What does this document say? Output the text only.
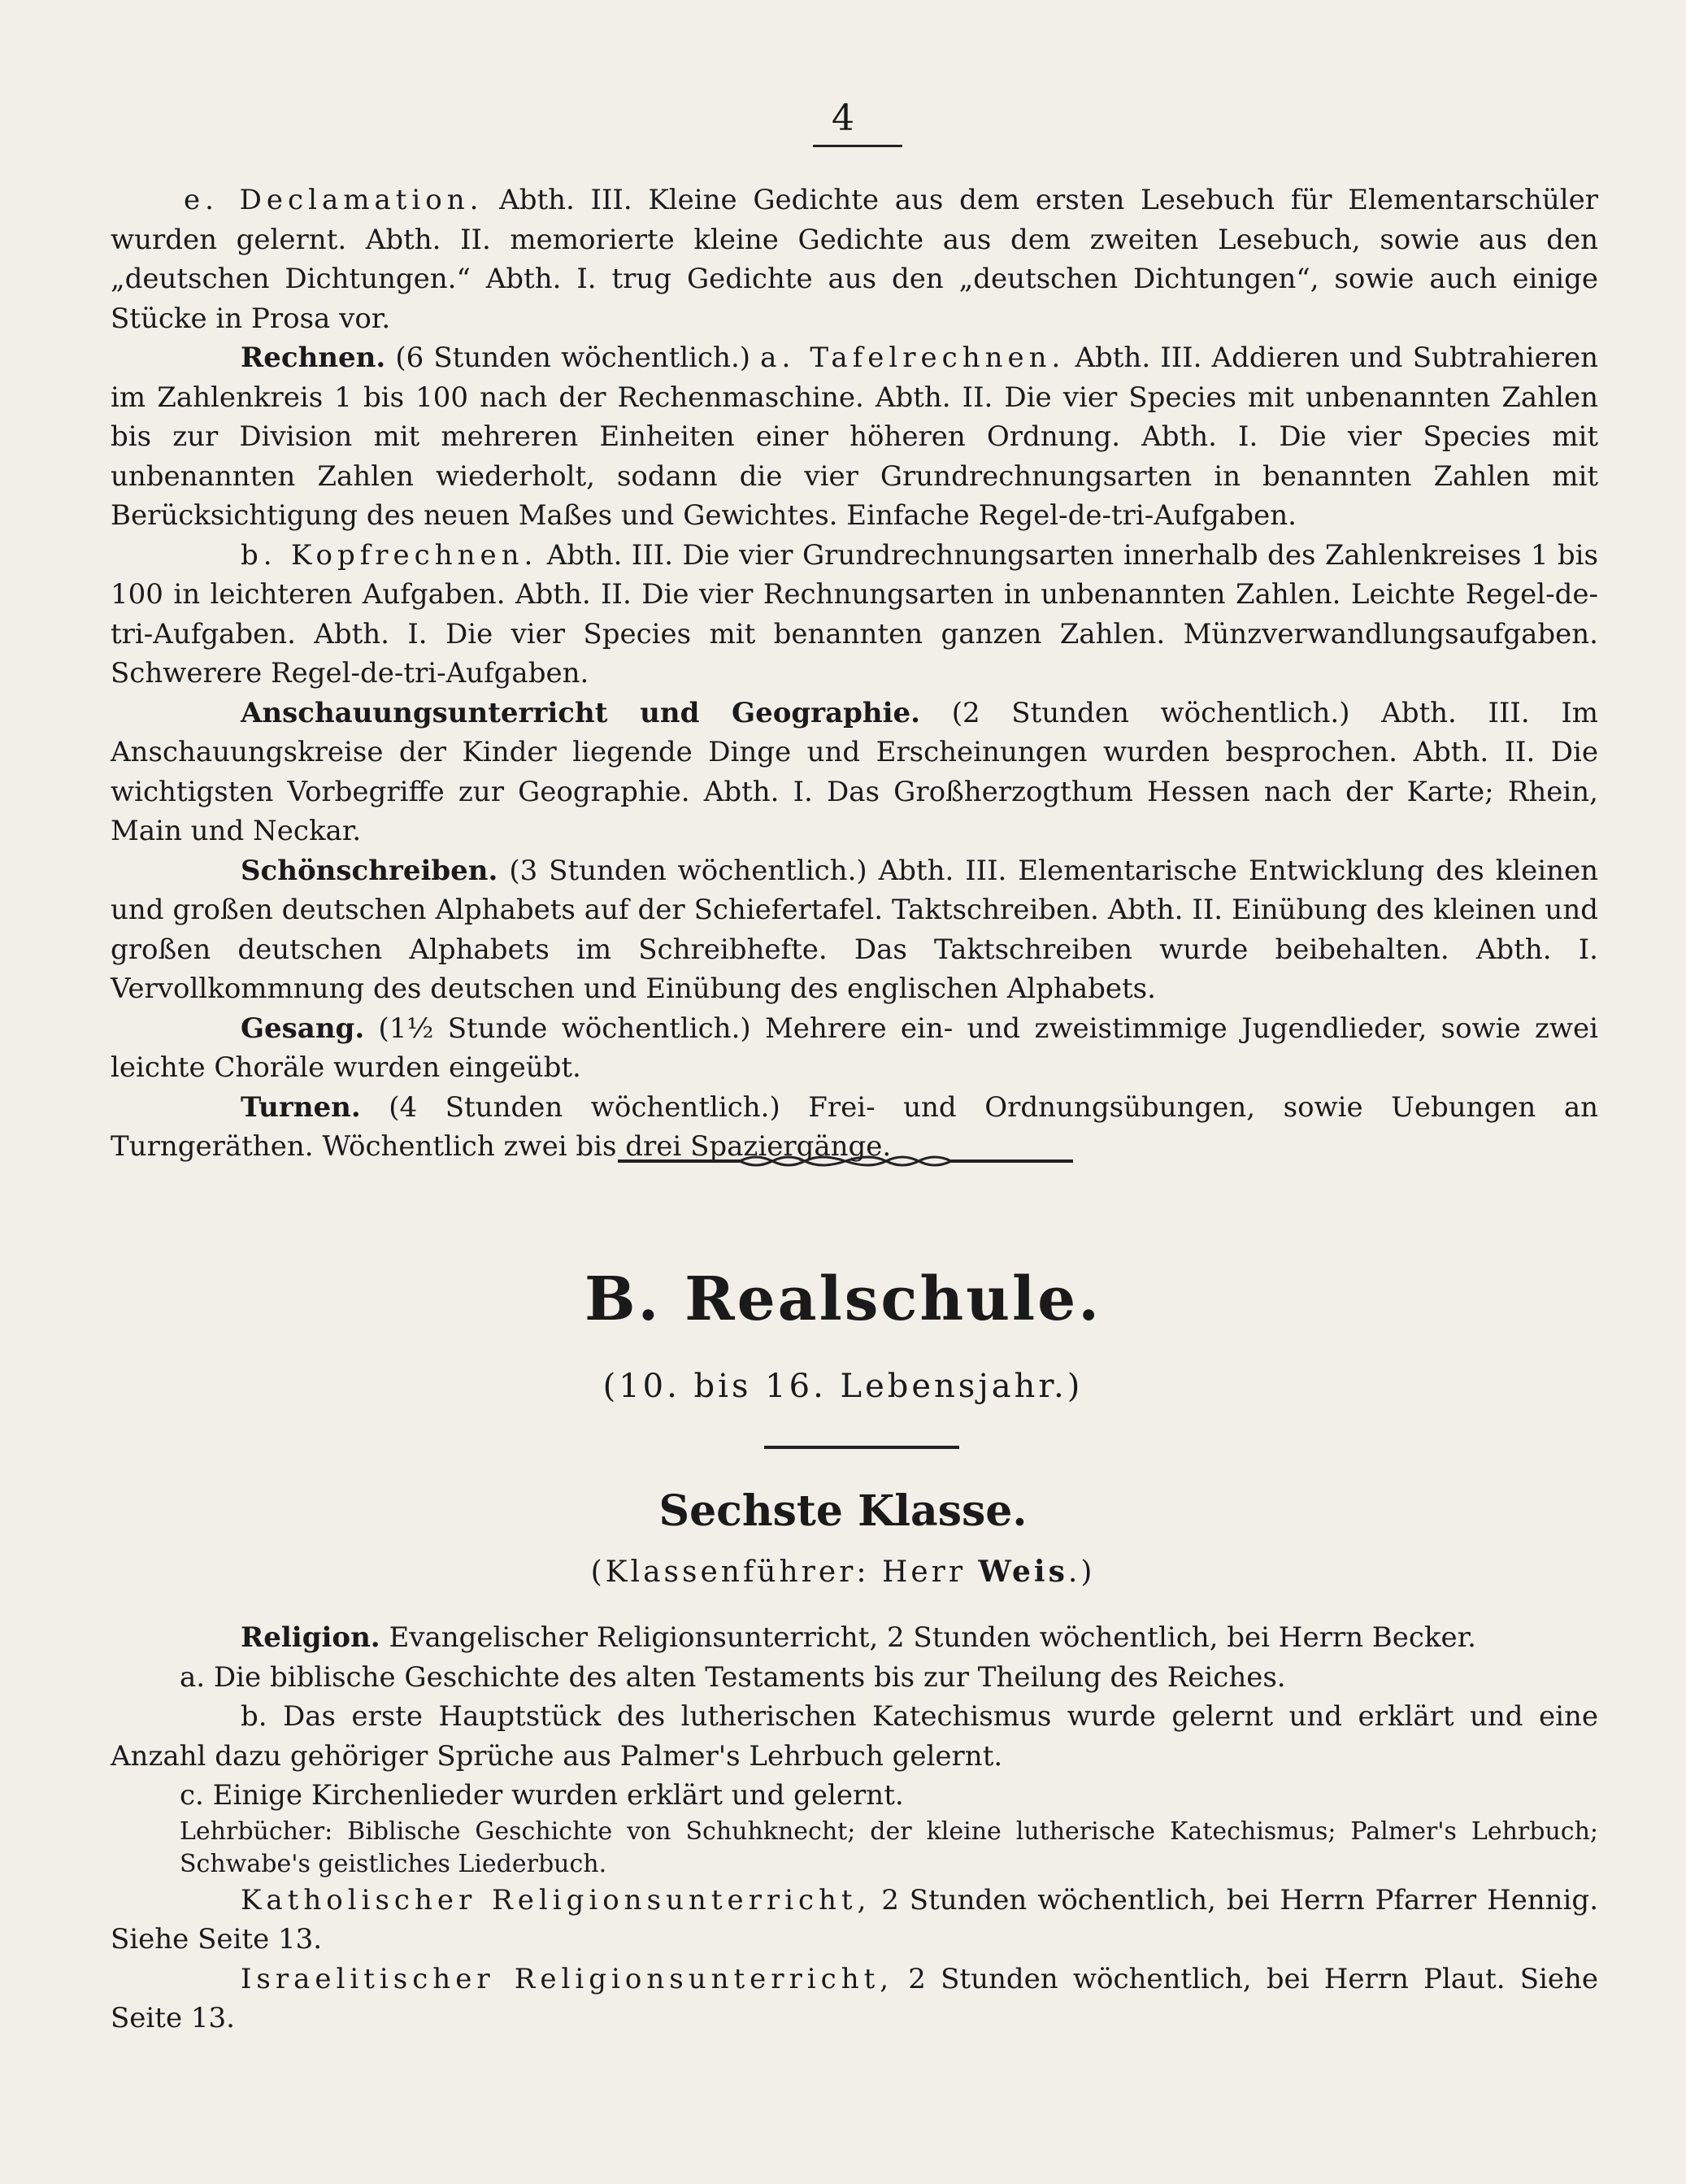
4

e. Declamation. Abth. III. Kleine Gedichte aus dem ersten Lesebuch für Elementarschüler wurden gelernt. Abth. II. memorierte kleine Gedichte aus dem zweiten Lesebuch, sowie aus den „deutschen Dichtungen.“ Abth. I. trug Gedichte aus den „deutschen Dichtungen“, sowie auch einige Stücke in Prosa vor.

Rechnen. (6 Stunden wöchentlich.) a. Tafelrechnen. Abth. III. Addieren und Subtrahieren im Zahlenkreis 1 bis 100 nach der Rechenmaschine. Abth. II. Die vier Species mit unbenannten Zahlen bis zur Division mit mehreren Einheiten einer höheren Ordnung. Abth. I. Die vier Species mit unbenannten Zahlen wiederholt, sodann die vier Grundrechnungsarten in benannten Zahlen mit Berücksichtigung des neuen Maßes und Gewichtes. Einfache Regel-de-tri-Aufgaben.

b. Kopfrechnen. Abth. III. Die vier Grundrechnungsarten innerhalb des Zahlenkreises 1 bis 100 in leichteren Aufgaben. Abth. II. Die vier Rechnungsarten in unbenannten Zahlen. Leichte Regel-de-tri-Aufgaben. Abth. I. Die vier Species mit benannten ganzen Zahlen. Münzverwandlungsaufgaben. Schwerere Regel-de-tri-Aufgaben.

Anschauungsunterricht und Geographie. (2 Stunden wöchentlich.) Abth. III. Im Anschauungskreise der Kinder liegende Dinge und Erscheinungen wurden besprochen. Abth. II. Die wichtigsten Vorbegriffe zur Geographie. Abth. I. Das Großherzogthum Hessen nach der Karte; Rhein, Main und Neckar.

Schönschreiben. (3 Stunden wöchentlich.) Abth. III. Elementarische Entwicklung des kleinen und großen deutschen Alphabets auf der Schiefertafel. Taktschreiben. Abth. II. Einübung des kleinen und großen deutschen Alphabets im Schreibhefte. Das Taktschreiben wurde beibehalten. Abth. I. Vervollkommnung des deutschen und Einübung des englischen Alphabets.

Gesang. (1½ Stunde wöchentlich.) Mehrere ein- und zweistimmige Jugendlieder, sowie zwei leichte Choräle wurden eingeübt.

Turnen. (4 Stunden wöchentlich.) Frei- und Ordnungsübungen, sowie Uebungen an Turngeräthen. Wöchentlich zwei bis drei Spaziergänge.

B. Realschule.
(10. bis 16. Lebensjahr.)
Sechste Klasse.
(Klassenführer: Herr Weis.)

Religion. Evangelischer Religionsunterricht, 2 Stunden wöchentlich, bei Herrn Becker.

a. Die biblische Geschichte des alten Testaments bis zur Theilung des Reiches.

b. Das erste Hauptstück des lutherischen Katechismus wurde gelernt und erklärt und eine Anzahl dazu gehöriger Sprüche aus Palmer's Lehrbuch gelernt.

c. Einige Kirchenlieder wurden erklärt und gelernt.

Lehrbücher: Biblische Geschichte von Schuhknecht; der kleine lutherische Katechismus; Palmer's Lehrbuch; Schwabe's geistliches Liederbuch.

Katholischer Religionsunterricht, 2 Stunden wöchentlich, bei Herrn Pfarrer Hennig. Siehe Seite 13.

Israelitischer Religionsunterricht, 2 Stunden wöchentlich, bei Herrn Plaut. Siehe Seite 13.
